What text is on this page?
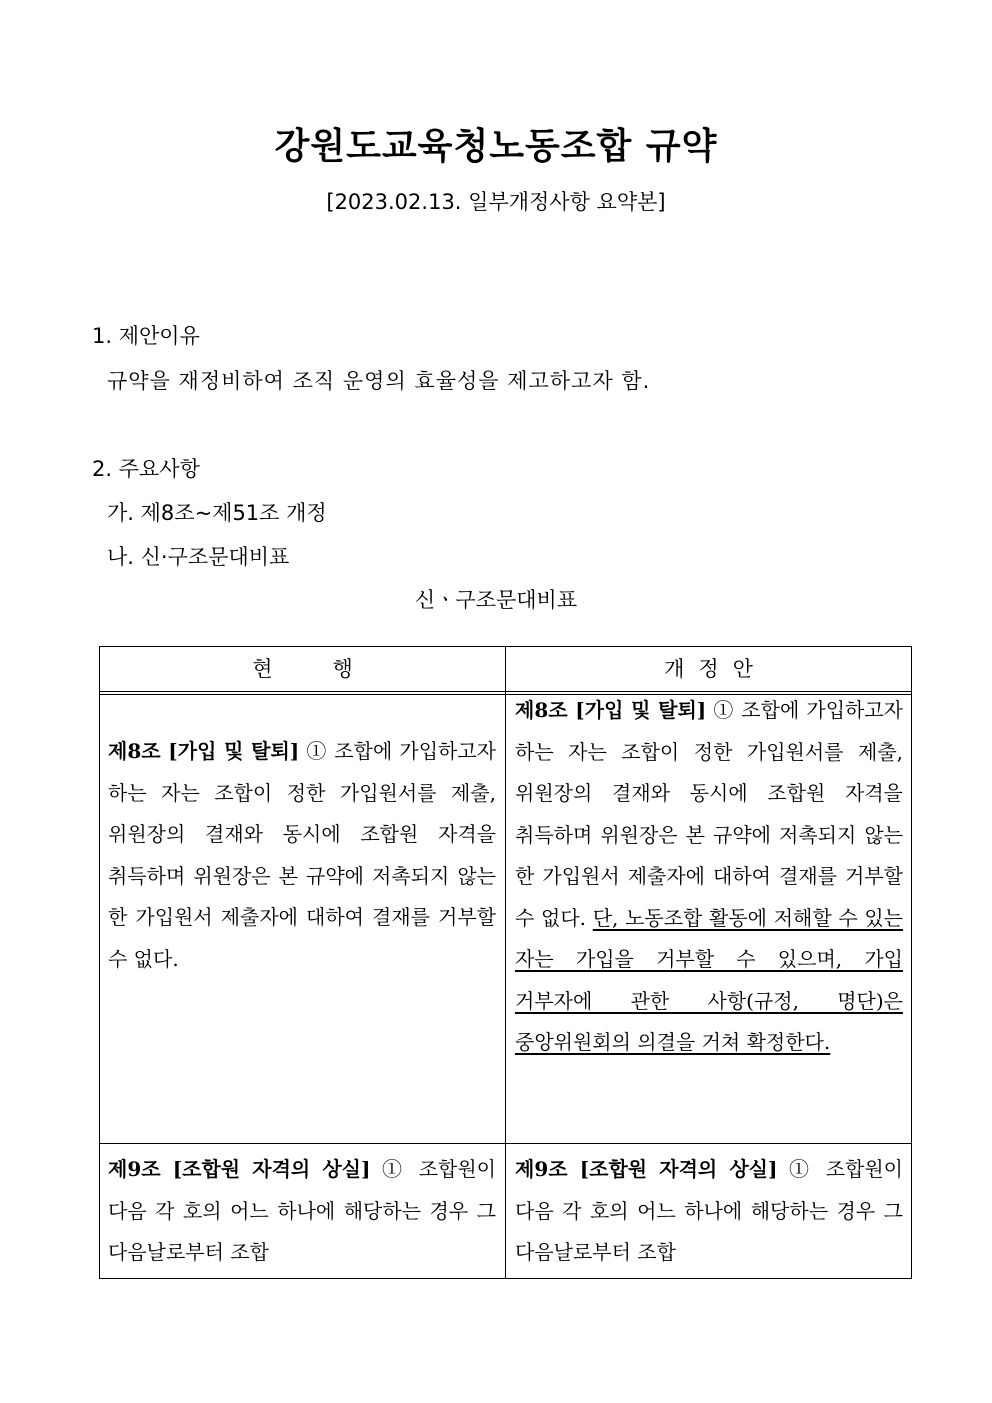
강원도교육청노동조합 규약
[2023.02.13. 일부개정사항 요약본]
1. 제안이유
규약을 재정비하여 조직 운영의 효율성을 제고하고자 함.
2. 주요사항
가. 제8조~제51조 개정
나. 신·구조문대비표
신ㆍ구조문대비표
현행	개정안
제8조 [가입 및 탈퇴] ① 조합에 가입하고자 하는 자는 조합이 정한 가입원서를 제출, 위원장의 결재와 동시에 조합원 자격을 취득하며 위원장은 본 규약에 저촉되지 않는 한 가입원서 제출자에 대하여 결재를 거부할 수 없다.
제8조 [가입 및 탈퇴] ① 조합에 가입하고자 하는 자는 조합이 정한 가입원서를 제출, 위원장의 결재와 동시에 조합원 자격을 취득하며 위원장은 본 규약에 저촉되지 않는 한 가입원서 제출자에 대하여 결재를 거부할 수 없다. 단, 노동조합 활동에 저해할 수 있는 자는 가입을 거부할 수 있으며, 가입 거부자에 관한 사항(규정, 명단)은 중앙위원회의 의결을 거쳐 확정한다.
제9조 [조합원 자격의 상실] ① 조합원이 다음 각 호의 어느 하나에 해당하는 경우 그 다음날로부터 조합
제9조 [조합원 자격의 상실] ① 조합원이 다음 각 호의 어느 하나에 해당하는 경우 그 다음날로부터 조합
